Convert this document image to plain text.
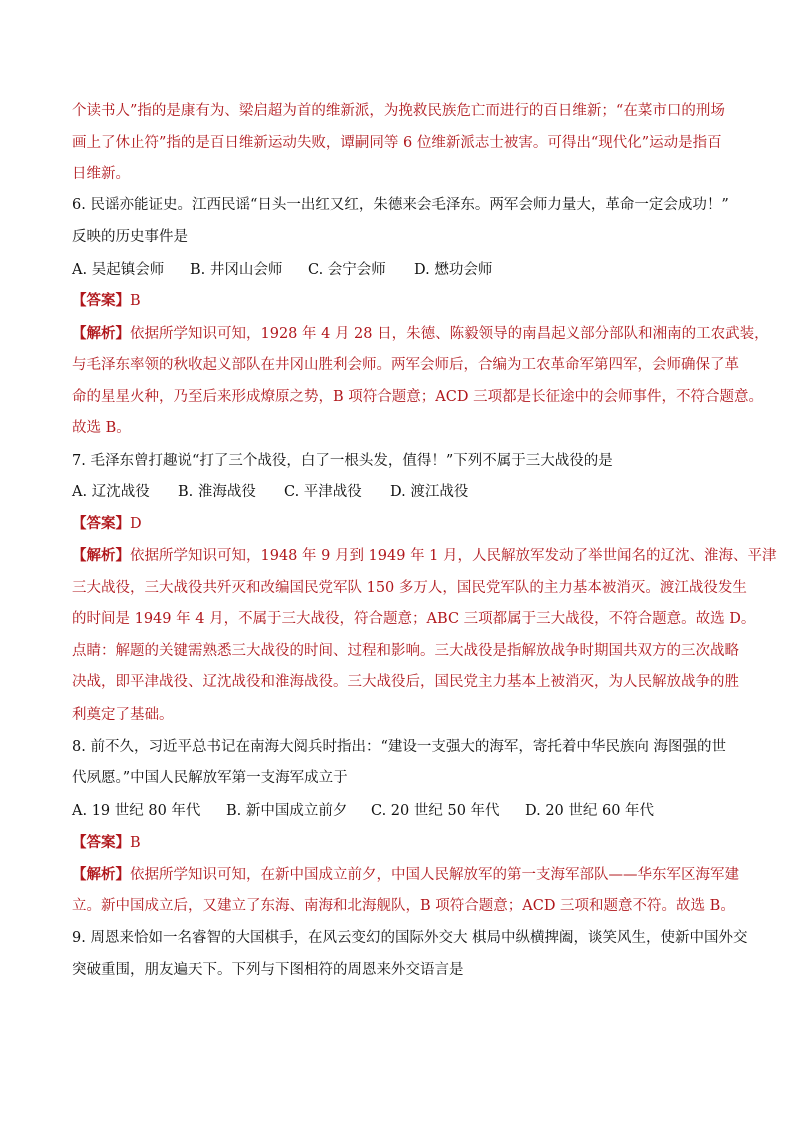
个读书人”指的是康有为、梁启超为首的维新派，为挽救民族危亡而进行的百日维新；“在菜市口的刑场
画上了休止符”指的是百日维新运动失败，谭嗣同等 6 位维新派志士被害。可得出“现代化”运动是指百
日维新。
6. 民谣亦能证史。江西民谣“日头一出红又红，朱德来会毛泽东。两军会师力量大，革命一定会成功！”
反映的历史事件是
A. 吴起镇会师 B. 井冈山会师 C. 会宁会师 D. 懋功会师
【答案】B
【解析】依据所学知识可知，1928 年 4 月 28 日，朱德、陈毅领导的南昌起义部分部队和湘南的工农武装，
与毛泽东率领的秋收起义部队在井冈山胜利会师。两军会师后，合编为工农革命军第四军，会师确保了革
命的星星火种，乃至后来形成燎原之势，B 项符合题意；ACD 三项都是长征途中的会师事件，不符合题意。
故选 B。
7. 毛泽东曾打趣说“打了三个战役，白了一根头发，值得！”下列不属于三大战役的是
A. 辽沈战役 B. 淮海战役 C. 平津战役 D. 渡江战役
【答案】D
【解析】依据所学知识可知，1948 年 9 月到 1949 年 1 月，人民解放军发动了举世闻名的辽沈、淮海、平津
三大战役，三大战役共歼灭和改编国民党军队 150 多万人，国民党军队的主力基本被消灭。渡江战役发生
的时间是 1949 年 4 月，不属于三大战役，符合题意；ABC 三项都属于三大战役，不符合题意。故选 D。
点睛：解题的关键需熟悉三大战役的时间、过程和影响。三大战役是指解放战争时期国共双方的三次战略
决战，即平津战役、辽沈战役和淮海战役。三大战役后，国民党主力基本上被消灭，为人民解放战争的胜
利奠定了基础。
8. 前不久，习近平总书记在南海大阅兵时指出：“建设一支强大的海军，寄托着中华民族向 海图强的世
代夙愿。”中国人民解放军第一支海军成立于
A. 19 世纪 80 年代 B. 新中国成立前夕 C. 20 世纪 50 年代 D. 20 世纪 60 年代
【答案】B
【解析】依据所学知识可知，在新中国成立前夕，中国人民解放军的第一支海军部队——华东军区海军建
立。新中国成立后，又建立了东海、南海和北海舰队，B 项符合题意；ACD 三项和题意不符。故选 B。
9. 周恩来恰如一名睿智的大国棋手，在风云变幻的国际外交大 棋局中纵横捭阖，谈笑风生，使新中国外交
突破重围，朋友遍天下。下列与下图相符的周恩来外交语言是
